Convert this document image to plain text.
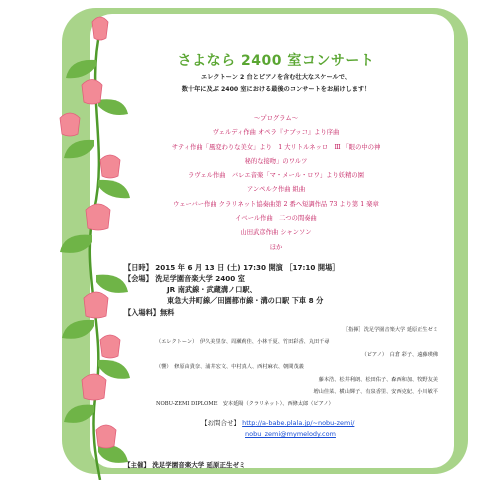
さよなら 2400 室コンサート
エレクトーン 2 台とピアノを含む壮大なスケールで、
数十年に及ぶ 2400 室における最後のコンサートをお届けします！
〜プログラム〜
ヴェルディ作曲 オペラ『ナブッコ』より序曲
サティ作曲「風変わりな美女」より　1 大リトルネッロ　Ⅲ 「眼の中の神
秘的な接吻」のワルツ
ラヴェル作曲　バレエ音楽「マ・メール・ロワ」より妖精の園
アンペルク作曲 組曲
ウェーバー作曲 クラリネット協奏曲第 2 番へ短調作品 73 より第 1 楽章
イベール作曲　二つの間奏曲
山田武彦作曲 シャンソン
ほか
【日時】 2015 年 6 月 13 日 (土) 17:30 開演 ［17:10 開場］
【会場】 洗足学園音楽大学 2400 室
JR 南武線・武蔵溝ノ口駅、
東急大井町線／田園都市線・溝の口駅 下車 8 分
【入場料】無料
［指揮］洗足学園音楽大学 延原正生ゼミ
（エレクトーン）　伊久美里奈、周瀬莉佳、小林千夏、竹田彩香、丸田千尋
（ピアノ）　白倉 彩子、遠藤瑛佛
（響）　修原由貴奈、浦井宏文、中村真人、西村麻衣、朝間茂義
藤本浩、松井利朗、松田佑子、森西和加、牧野友美
増山佳菜、横山輝子、有泉香里、安西克紀、小川敏平
NOBU-ZEMI DIPLOME　安本延陽（クラリネット）、西條太郎（ピアノ）
【お問合せ】 http://a-babe.plala.jp/~nobu-zemi/
nobu_zemi@mymelody.com
【主催】 洗足学園音楽大学 延原正生ゼミ
